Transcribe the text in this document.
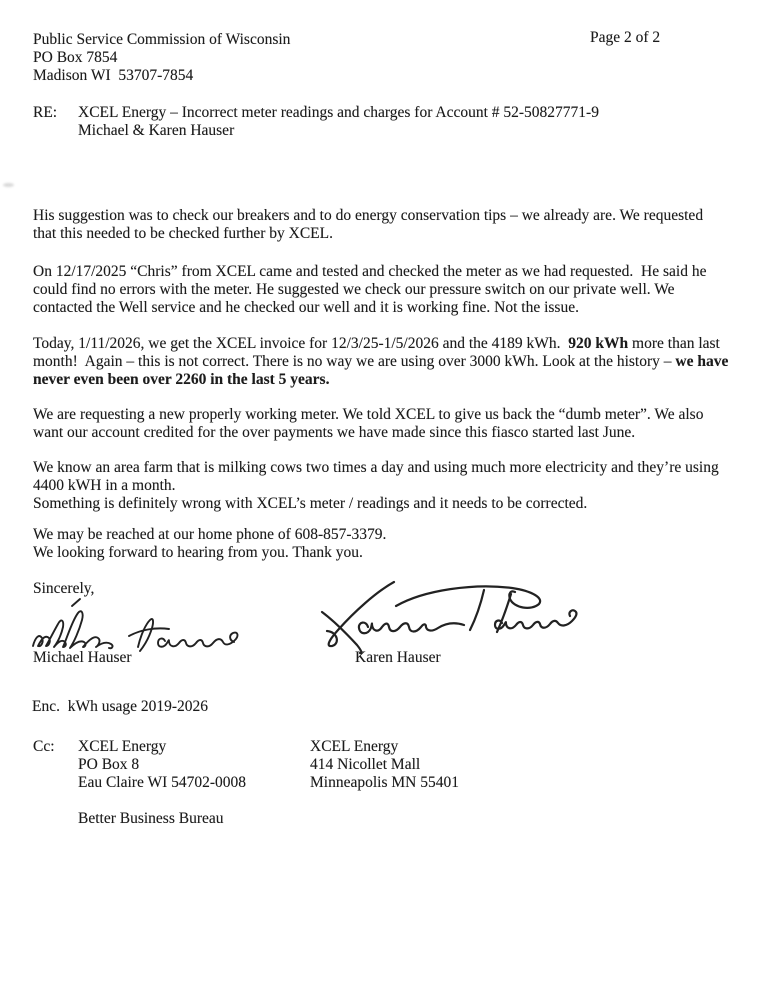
Public Service Commission of Wisconsin
PO Box 7854
Madison WI  53707-7854
Page 2 of 2
RE:	XCEL Energy – Incorrect meter readings and charges for Account # 52-50827771-9
Michael & Karen Hauser
His suggestion was to check our breakers and to do energy conservation tips – we already are. We requested
that this needed to be checked further by XCEL.
On 12/17/2025 “Chris” from XCEL came and tested and checked the meter as we had requested.  He said he
could find no errors with the meter. He suggested we check our pressure switch on our private well. We
contacted the Well service and he checked our well and it is working fine. Not the issue.
Today, 1/11/2026, we get the XCEL invoice for 12/3/25-1/5/2026 and the 4189 kWh.  920 kWh more than last
month!  Again – this is not correct. There is no way we are using over 3000 kWh. Look at the history – we have
never even been over 2260 in the last 5 years.
We are requesting a new properly working meter. We told XCEL to give us back the “dumb meter”. We also
want our account credited for the over payments we have made since this fiasco started last June.
We know an area farm that is milking cows two times a day and using much more electricity and they’re using
4400 kWH in a month.
Something is definitely wrong with XCEL’s meter / readings and it needs to be corrected.
We may be reached at our home phone of 608-857-3379.
We looking forward to hearing from you. Thank you.
Sincerely,
Michael Hauser	Karen Hauser
Enc.  kWh usage 2019-2026
Cc: XCEL Energy
PO Box 8
Eau Claire WI 54702-0008
XCEL Energy
414 Nicollet Mall
Minneapolis MN 55401
Better Business Bureau
